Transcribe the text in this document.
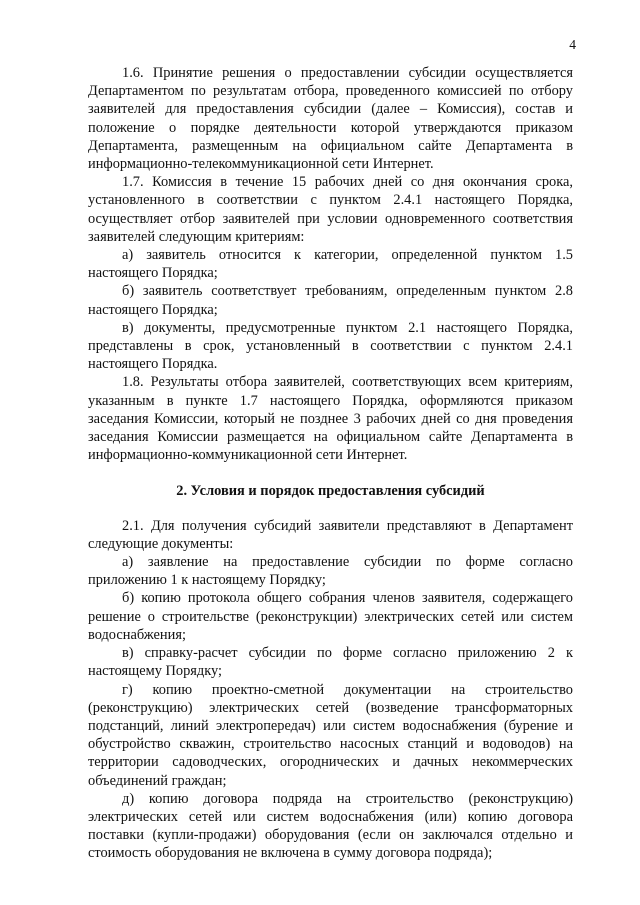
4

1.6. Принятие решения о предоставлении субсидии осуществляется Департаментом по результатам отбора, проведенного комиссией по отбору заявителей для предоставления субсидии (далее – Комиссия), состав и положение о порядке деятельности которой утверждаются приказом Департамента, размещенным на официальном сайте Департамента в информационно-телекоммуникационной сети Интернет.

1.7. Комиссия в течение 15 рабочих дней со дня окончания срока, установленного в соответствии с пунктом 2.4.1 настоящего Порядка, осуществляет отбор заявителей при условии одновременного соответствия заявителей следующим критериям:

а) заявитель относится к категории, определенной пунктом 1.5 настоящего Порядка;

б) заявитель соответствует требованиям, определенным пунктом 2.8 настоящего Порядка;

в) документы, предусмотренные пунктом 2.1 настоящего Порядка, представлены в срок, установленный в соответствии с пунктом 2.4.1 настоящего Порядка.

1.8. Результаты отбора заявителей, соответствующих всем критериям, указанным в пункте 1.7 настоящего Порядка, оформляются приказом заседания Комиссии, который не позднее 3 рабочих дней со дня проведения заседания Комиссии размещается на официальном сайте Департамента в информационно-коммуникационной сети Интернет.

2. Условия и порядок предоставления субсидий

2.1. Для получения субсидий заявители представляют в Департамент следующие документы:

а) заявление на предоставление субсидии по форме согласно приложению 1 к настоящему Порядку;

б) копию протокола общего собрания членов заявителя, содержащего решение о строительстве (реконструкции) электрических сетей или систем водоснабжения;

в) справку-расчет субсидии по форме согласно приложению 2 к настоящему Порядку;

г) копию проектно-сметной документации на строительство (реконструкцию) электрических сетей (возведение трансформаторных подстанций, линий электропередач) или систем водоснабжения (бурение и обустройство скважин, строительство насосных станций и водоводов) на территории садоводческих, огороднических и дачных некоммерческих объединений граждан;

д) копию договора подряда на строительство (реконструкцию) электрических сетей или систем водоснабжения (или) копию договора поставки (купли-продажи) оборудования (если он заключался отдельно и стоимость оборудования не включена в сумму договора подряда);
